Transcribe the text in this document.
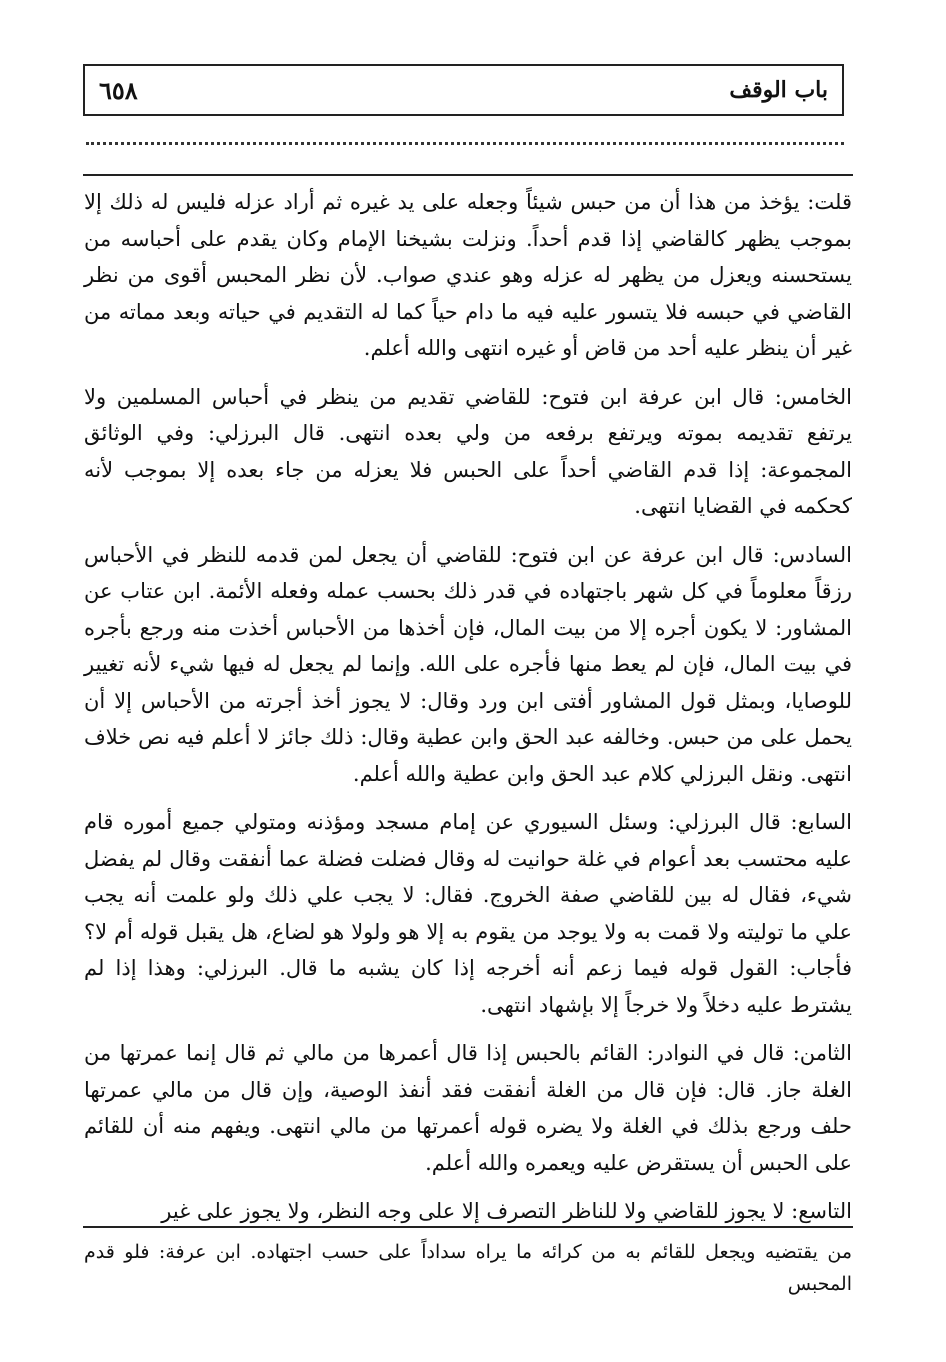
٦٥٨	باب الوقف

قلت: يؤخذ من هذا أن من حبس شيئاً وجعله على يد غيره ثم أراد عزله فليس له ذلك إلا بموجب يظهر كالقاضي إذا قدم أحداً. ونزلت بشيخنا الإمام وكان يقدم على أحباسه من يستحسنه ويعزل من يظهر له عزله وهو عندي صواب. لأن نظر المحبس أقوى من نظر القاضي في حبسه فلا يتسور عليه فيه ما دام حياً كما له التقديم في حياته وبعد مماته من غير أن ينظر عليه أحد من قاض أو غيره انتهى والله أعلم.

الخامس: قال ابن عرفة ابن فتوح: للقاضي تقديم من ينظر في أحباس المسلمين ولا يرتفع تقديمه بموته ويرتفع برفعه من ولي بعده انتهى. قال البرزلي: وفي الوثائق المجموعة: إذا قدم القاضي أحداً على الحبس فلا يعزله من جاء بعده إلا بموجب لأنه كحكمه في القضايا انتهى.

السادس: قال ابن عرفة عن ابن فتوح: للقاضي أن يجعل لمن قدمه للنظر في الأحباس رزقاً معلوماً في كل شهر باجتهاده في قدر ذلك بحسب عمله وفعله الأئمة. ابن عتاب عن المشاور: لا يكون أجره إلا من بيت المال، فإن أخذها من الأحباس أخذت منه ورجع بأجره في بيت المال، فإن لم يعط منها فأجره على الله. وإنما لم يجعل له فيها شيء لأنه تغيير للوصايا، وبمثل قول المشاور أفتى ابن ورد وقال: لا يجوز أخذ أجرته من الأحباس إلا أن يحمل على من حبس. وخالفه عبد الحق وابن عطية وقال: ذلك جائز لا أعلم فيه نص خلاف انتهى. ونقل البرزلي كلام عبد الحق وابن عطية والله أعلم.

السابع: قال البرزلي: وسئل السيوري عن إمام مسجد ومؤذنه ومتولي جميع أموره قام عليه محتسب بعد أعوام في غلة حوانيت له وقال فضلت فضلة عما أنفقت وقال لم يفضل شيء، فقال له بين للقاضي صفة الخروج. فقال: لا يجب علي ذلك ولو علمت أنه يجب علي ما توليته ولا قمت به ولا يوجد من يقوم به إلا هو ولولا هو لضاع، هل يقبل قوله أم لا؟ فأجاب: القول قوله فيما زعم أنه أخرجه إذا كان يشبه ما قال. البرزلي: وهذا إذا لم يشترط عليه دخلاً ولا خرجاً إلا بإشهاد انتهى.

الثامن: قال في النوادر: القائم بالحبس إذا قال أعمرها من مالي ثم قال إنما عمرتها من الغلة جاز. قال: فإن قال من الغلة أنفقت فقد أنفذ الوصية، وإن قال من مالي عمرتها حلف ورجع بذلك في الغلة ولا يضره قوله أعمرتها من مالي انتهى. ويفهم منه أن للقائم على الحبس أن يستقرض عليه ويعمره والله أعلم.

التاسع: لا يجوز للقاضي ولا للناظر التصرف إلا على وجه النظر، ولا يجوز على غير

من يقتضيه ويجعل للقائم به من كرائه ما يراه سداداً على حسب اجتهاده. ابن عرفة: فلو قدم المحبس
